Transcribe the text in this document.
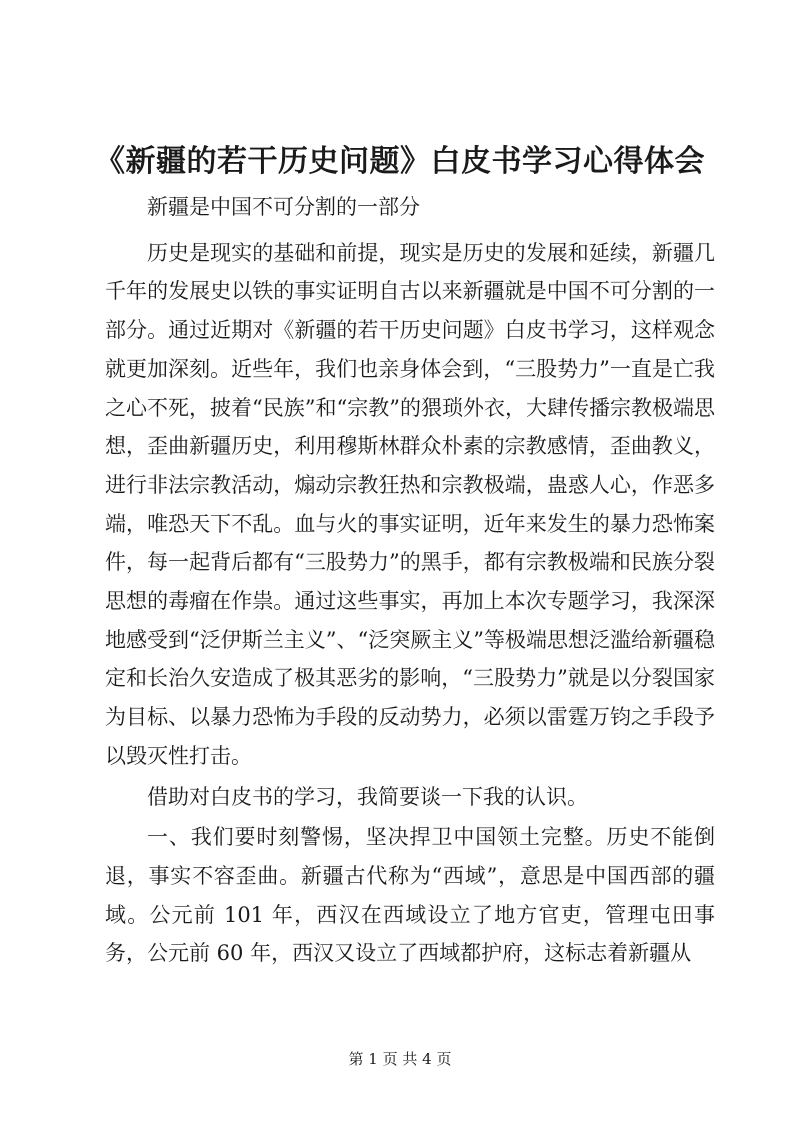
《新疆的若干历史问题》白皮书学习心得体会

新疆是中国不可分割的一部分

历史是现实的基础和前提，现实是历史的发展和延续，新疆几千年的发展史以铁的事实证明自古以来新疆就是中国不可分割的一部分。通过近期对《新疆的若干历史问题》白皮书学习，这样观念就更加深刻。近些年，我们也亲身体会到，“三股势力”一直是亡我之心不死，披着“民族”和“宗教”的猥琐外衣，大肆传播宗教极端思想，歪曲新疆历史，利用穆斯林群众朴素的宗教感情，歪曲教义，进行非法宗教活动，煽动宗教狂热和宗教极端，蛊惑人心，作恶多端，唯恐天下不乱。血与火的事实证明，近年来发生的暴力恐怖案件，每一起背后都有“三股势力”的黑手，都有宗教极端和民族分裂思想的毒瘤在作祟。通过这些事实，再加上本次专题学习，我深深地感受到“泛伊斯兰主义”、“泛突厥主义”等极端思想泛滥给新疆稳定和长治久安造成了极其恶劣的影响，“三股势力”就是以分裂国家为目标、以暴力恐怖为手段的反动势力，必须以雷霆万钧之手段予以毁灭性打击。

借助对白皮书的学习，我简要谈一下我的认识。

一、我们要时刻警惕，坚决捍卫中国领土完整。历史不能倒退，事实不容歪曲。新疆古代称为“西域”，意思是中国西部的疆域。公元前 101 年，西汉在西域设立了地方官吏，管理屯田事务，公元前 60 年，西汉又设立了西域都护府，这标志着新疆从

第 1 页 共 4 页
